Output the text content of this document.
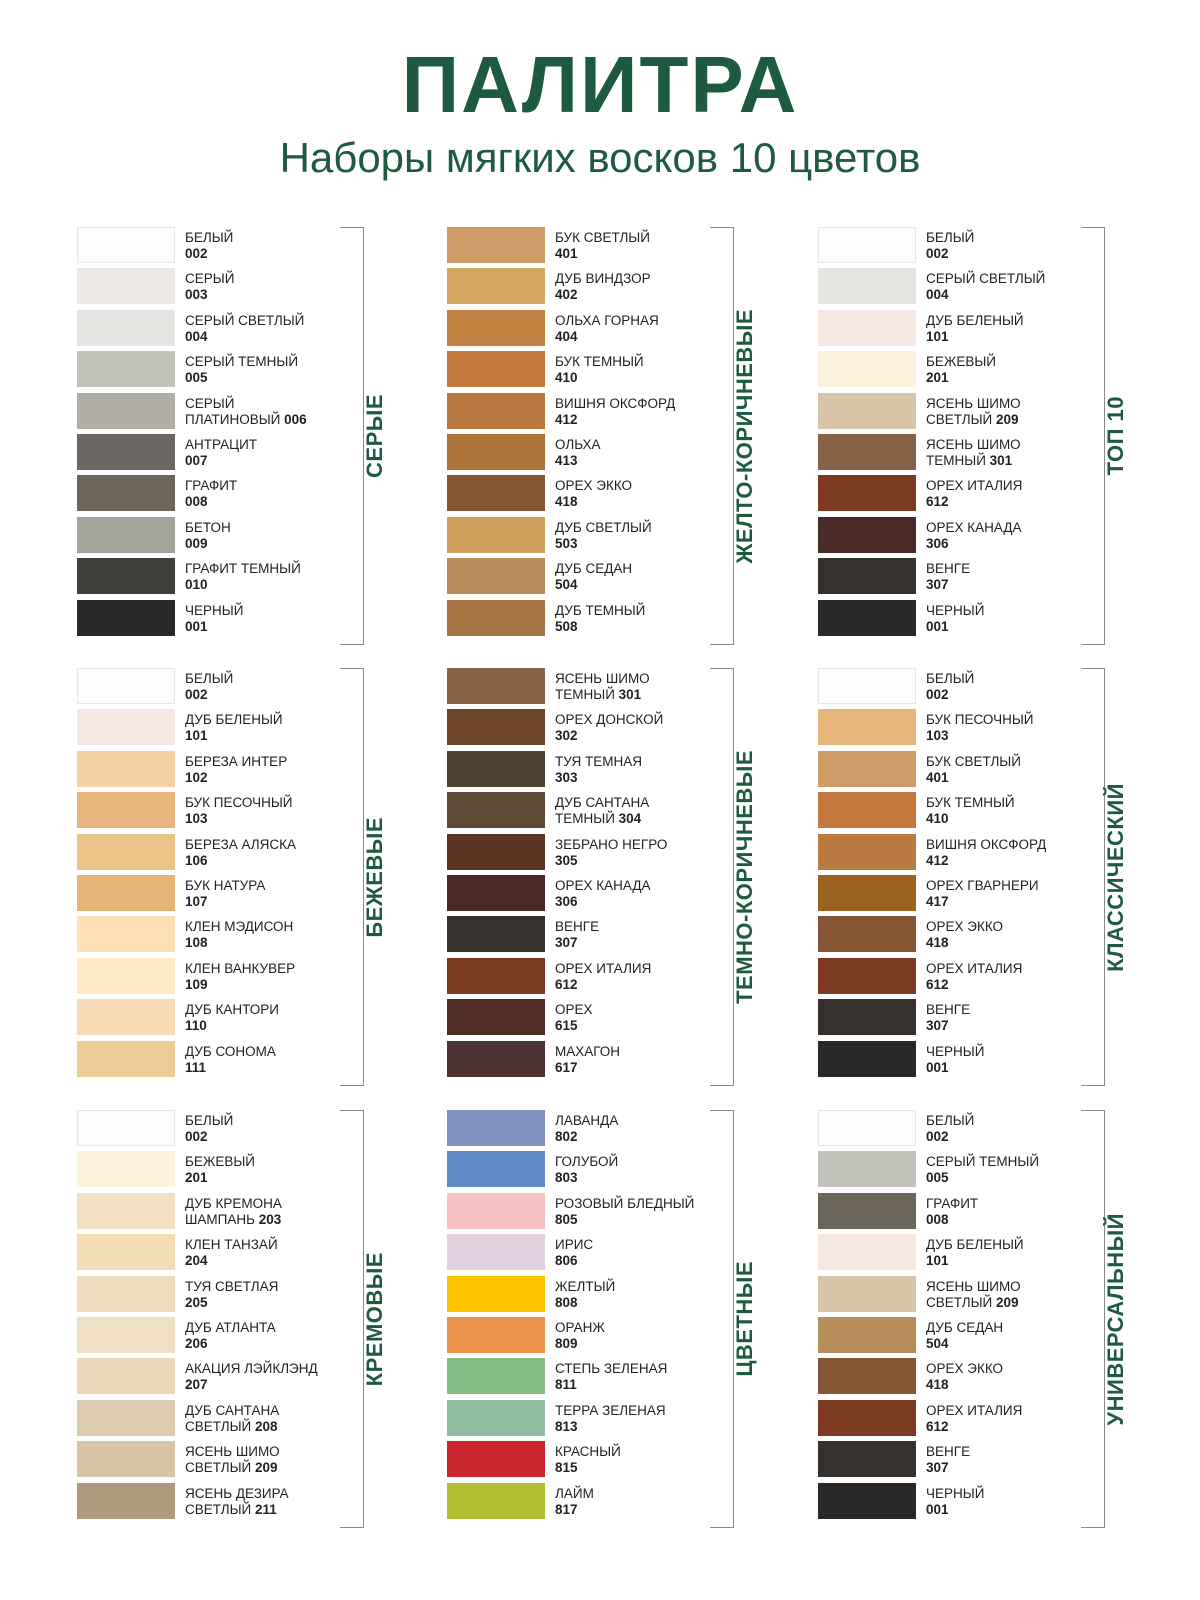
ПАЛИТРА
Наборы мягких восков 10 цветов
БЕЛЫЙ
002
СЕРЫЙ
003
СЕРЫЙ СВЕТЛЫЙ
004
СЕРЫЙ ТЕМНЫЙ
005
СЕРЫЙ
ПЛАТИНОВЫЙ 006
АНТРАЦИТ
007
ГРАФИТ
008
БЕТОН
009
ГРАФИТ ТЕМНЫЙ
010
ЧЕРНЫЙ
001
СЕРЫЕ
БУК СВЕТЛЫЙ
401
ДУБ ВИНДЗОР
402
ОЛЬХА ГОРНАЯ
404
БУК ТЕМНЫЙ
410
ВИШНЯ ОКСФОРД
412
ОЛЬХА
413
ОРЕХ ЭККО
418
ДУБ СВЕТЛЫЙ
503
ДУБ СЕДАН
504
ДУБ ТЕМНЫЙ
508
ЖЕЛТО-КОРИЧНЕВЫЕ
БЕЛЫЙ
002
СЕРЫЙ СВЕТЛЫЙ
004
ДУБ БЕЛЕНЫЙ
101
БЕЖЕВЫЙ
201
ЯСЕНЬ ШИМО
СВЕТЛЫЙ 209
ЯСЕНЬ ШИМО
ТЕМНЫЙ 301
ОРЕХ ИТАЛИЯ
612
ОРЕХ КАНАДА
306
ВЕНГЕ
307
ЧЕРНЫЙ
001
ТОП 10
БЕЛЫЙ
002
ДУБ БЕЛЕНЫЙ
101
БЕРЕЗА ИНТЕР
102
БУК ПЕСОЧНЫЙ
103
БЕРЕЗА АЛЯСКА
106
БУК НАТУРА
107
КЛЕН МЭДИСОН
108
КЛЕН ВАНКУВЕР
109
ДУБ КАНТОРИ
110
ДУБ СОНОМА
111
БЕЖЕВЫЕ
ЯСЕНЬ ШИМО
ТЕМНЫЙ 301
ОРЕХ ДОНСКОЙ
302
ТУЯ ТЕМНАЯ
303
ДУБ САНТАНА
ТЕМНЫЙ 304
ЗЕБРАНО НЕГРО
305
ОРЕХ КАНАДА
306
ВЕНГЕ
307
ОРЕХ ИТАЛИЯ
612
ОРЕХ
615
МАХАГОН
617
ТЕМНО-КОРИЧНЕВЫЕ
БЕЛЫЙ
002
БУК ПЕСОЧНЫЙ
103
БУК СВЕТЛЫЙ
401
БУК ТЕМНЫЙ
410
ВИШНЯ ОКСФОРД
412
ОРЕХ ГВАРНЕРИ
417
ОРЕХ ЭККО
418
ОРЕХ ИТАЛИЯ
612
ВЕНГЕ
307
ЧЕРНЫЙ
001
КЛАССИЧЕСКИЙ
БЕЛЫЙ
002
БЕЖЕВЫЙ
201
ДУБ КРЕМОНА
ШАМПАНЬ 203
КЛЕН ТАНЗАЙ
204
ТУЯ СВЕТЛАЯ
205
ДУБ АТЛАНТА
206
АКАЦИЯ ЛЭЙКЛЭНД
207
ДУБ САНТАНА
СВЕТЛЫЙ 208
ЯСЕНЬ ШИМО
СВЕТЛЫЙ 209
ЯСЕНЬ ДЕЗИРА
СВЕТЛЫЙ 211
КРЕМОВЫЕ
ЛАВАНДА
802
ГОЛУБОЙ
803
РОЗОВЫЙ БЛЕДНЫЙ
805
ИРИС
806
ЖЕЛТЫЙ
808
ОРАНЖ
809
СТЕПЬ ЗЕЛЕНАЯ
811
ТЕРРА ЗЕЛЕНАЯ
813
КРАСНЫЙ
815
ЛАЙМ
817
ЦВЕТНЫЕ
БЕЛЫЙ
002
СЕРЫЙ ТЕМНЫЙ
005
ГРАФИТ
008
ДУБ БЕЛЕНЫЙ
101
ЯСЕНЬ ШИМО
СВЕТЛЫЙ 209
ДУБ СЕДАН
504
ОРЕХ ЭККО
418
ОРЕХ ИТАЛИЯ
612
ВЕНГЕ
307
ЧЕРНЫЙ
001
УНИВЕРСАЛЬНЫЙ
